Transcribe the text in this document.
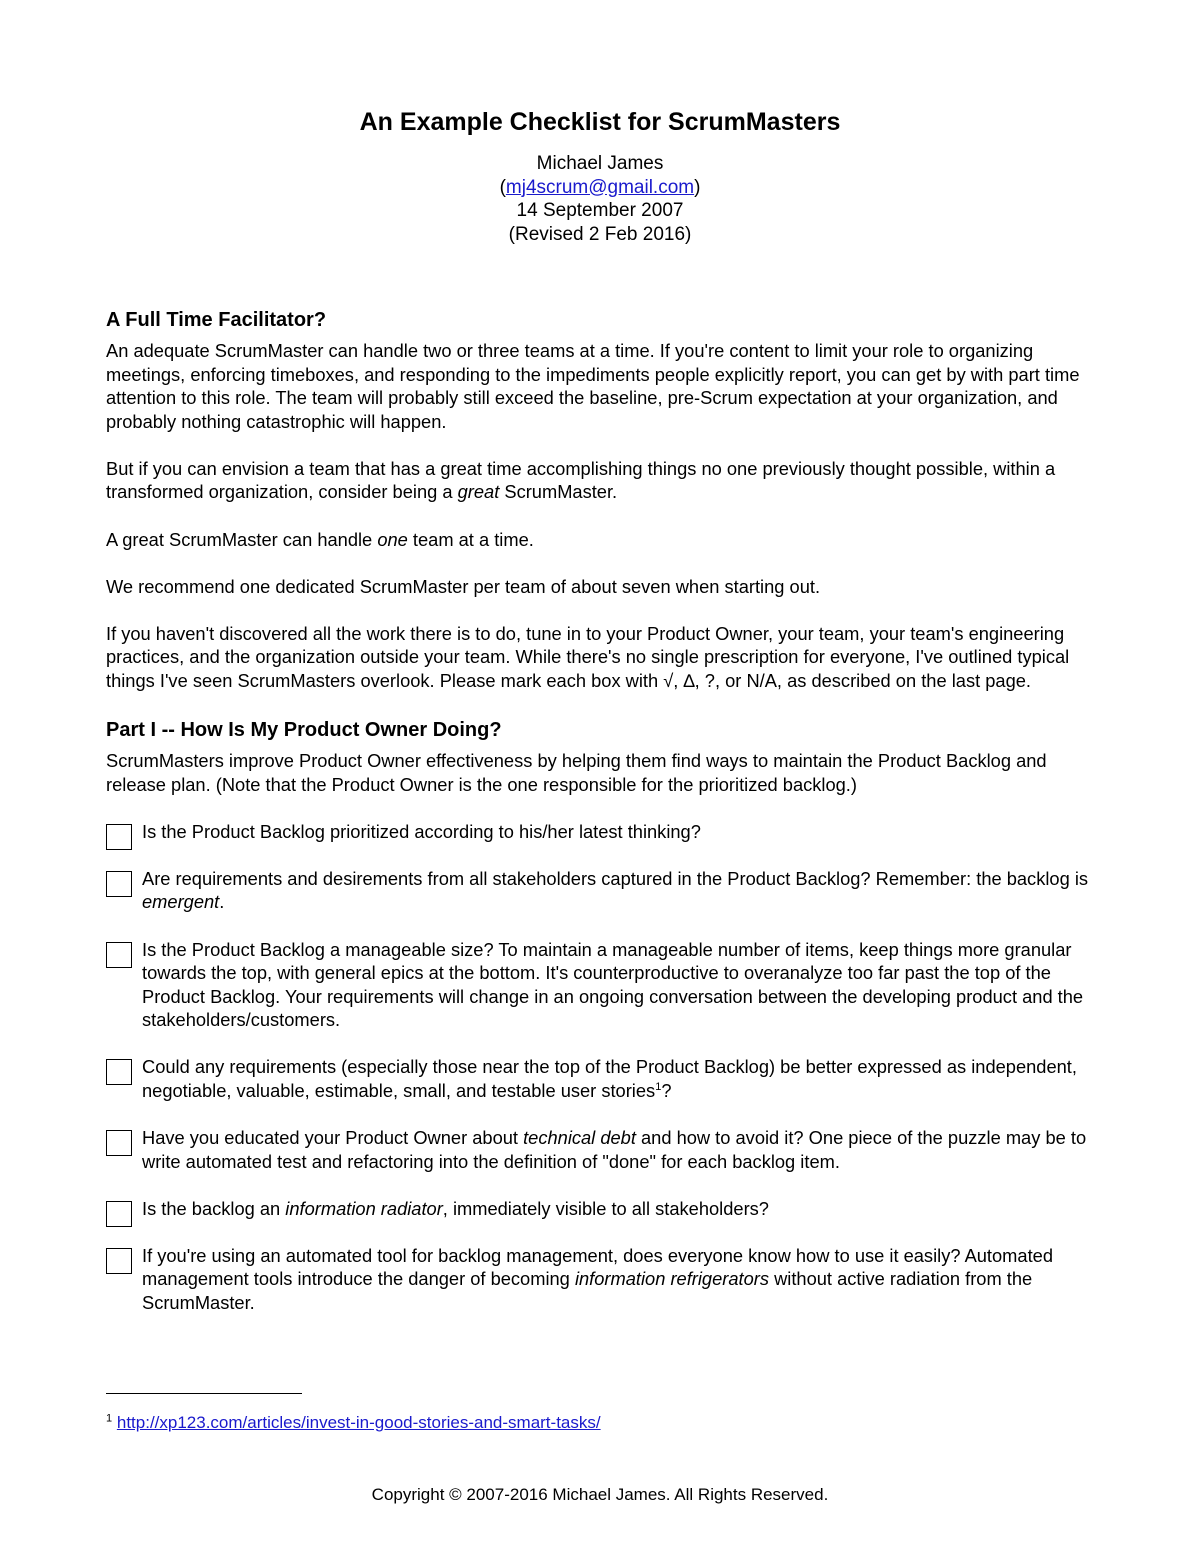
An Example Checklist for ScrumMasters
Michael James
(mj4scrum@gmail.com)
14 September 2007
(Revised 2 Feb 2016)
A Full Time Facilitator?

An adequate ScrumMaster can handle two or three teams at a time. If you're content to limit your role to organizing meetings, enforcing timeboxes, and responding to the impediments people explicitly report, you can get by with part time attention to this role. The team will probably still exceed the baseline, pre-Scrum expectation at your organization, and probably nothing catastrophic will happen.

But if you can envision a team that has a great time accomplishing things no one previously thought possible, within a transformed organization, consider being a great ScrumMaster.

A great ScrumMaster can handle one team at a time.

We recommend one dedicated ScrumMaster per team of about seven when starting out.

If you haven't discovered all the work there is to do, tune in to your Product Owner, your team, your team's engineering practices, and the organization outside your team. While there's no single prescription for everyone, I've outlined typical things I've seen ScrumMasters overlook. Please mark each box with √, ∆, ?, or N/A, as described on the last page.

Part I -- How Is My Product Owner Doing?

ScrumMasters improve Product Owner effectiveness by helping them find ways to maintain the Product Backlog and release plan. (Note that the Product Owner is the one responsible for the prioritized backlog.)

Is the Product Backlog prioritized according to his/her latest thinking?
Are requirements and desirements from all stakeholders captured in the Product Backlog? Remember: the backlog is emergent.
Is the Product Backlog a manageable size? To maintain a manageable number of items, keep things more granular towards the top, with general epics at the bottom. It's counterproductive to overanalyze too far past the top of the Product Backlog. Your requirements will change in an ongoing conversation between the developing product and the stakeholders/customers.
Could any requirements (especially those near the top of the Product Backlog) be better expressed as independent, negotiable, valuable, estimable, small, and testable user stories$^1$?
Have you educated your Product Owner about technical debt and how to avoid it? One piece of the puzzle may be to write automated test and refactoring into the definition of "done" for each backlog item.
Is the backlog an information radiator, immediately visible to all stakeholders?
If you're using an automated tool for backlog management, does everyone know how to use it easily? Automated management tools introduce the danger of becoming information refrigerators without active radiation from the ScrumMaster.
$^1$ http://xp123.com/articles/invest-in-good-stories-and-smart-tasks/
Copyright © 2007-2016 Michael James. All Rights Reserved.
